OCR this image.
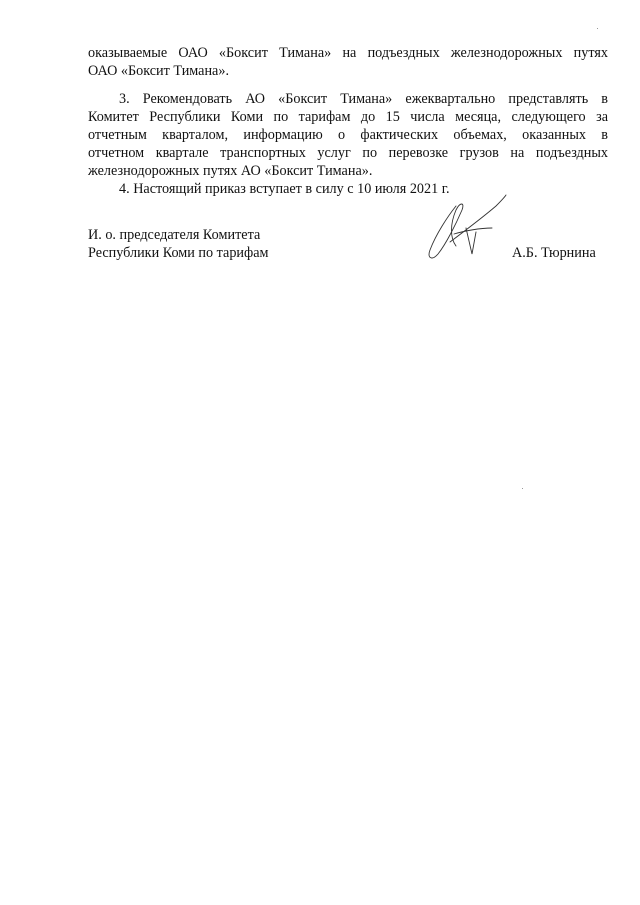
оказываемые ОАО «Боксит Тимана» на подъездных железнодорожных путях
ОАО «Боксит Тимана».
3. Рекомендовать АО «Боксит Тимана» ежеквартально представлять в
Комитет Республики Коми по тарифам до 15 числа месяца, следующего за
отчетным кварталом, информацию о фактических объемах, оказанных в
отчетном квартале транспортных услуг по перевозке грузов на подъездных
железнодорожных путях АО «Боксит Тимана».
4. Настоящий приказ вступает в силу с 10 июля 2021 г.
И. о. председателя Комитета
Республики Коми по тарифам	А.Б. Тюрнина
